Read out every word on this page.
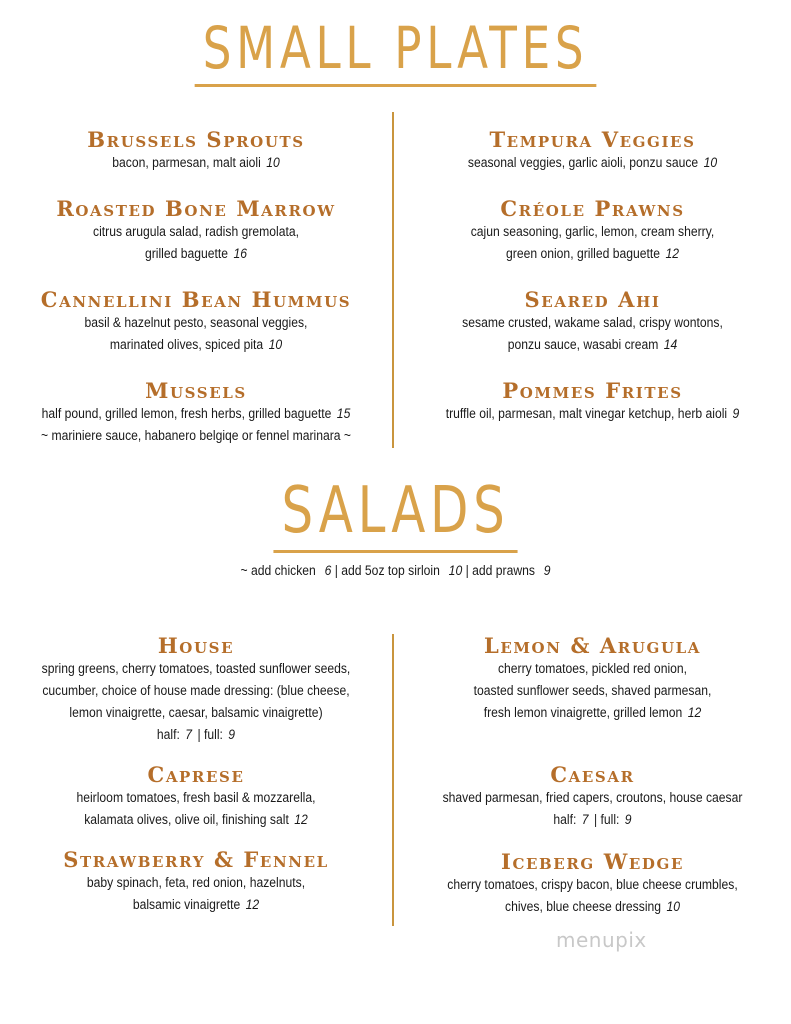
SMALL PLATES
Brussels Sprouts
bacon, parmesan, malt aioli 10
Roasted Bone Marrow
citrus arugula salad, radish gremolata,
grilled baguette 16
Cannellini Bean Hummus
basil & hazelnut pesto, seasonal veggies,
marinated olives, spiced pita 10
Mussels
half pound, grilled lemon, fresh herbs, grilled baguette 15
~ mariniere sauce, habanero belgiqe or fennel marinara ~
Tempura Veggies
seasonal veggies, garlic aioli, ponzu sauce 10
Créole Prawns
cajun seasoning, garlic, lemon, cream sherry,
green onion, grilled baguette 12
Seared Ahi
sesame crusted, wakame salad, crispy wontons,
ponzu sauce, wasabi cream 14
Pommes Frites
truffle oil, parmesan, malt vinegar ketchup, herb aioli 9
SALADS
~ add chicken 6 | add 5oz top sirloin 10 | add prawns 9
House
spring greens, cherry tomatoes, toasted sunflower seeds,
cucumber, choice of house made dressing: (blue cheese,
lemon vinaigrette, caesar, balsamic vinaigrette)
half: 7 | full: 9
Caprese
heirloom tomatoes, fresh basil & mozzarella,
kalamata olives, olive oil, finishing salt 12
Strawberry & Fennel
baby spinach, feta, red onion, hazelnuts,
balsamic vinaigrette 12
Lemon & Arugula
cherry tomatoes, pickled red onion,
toasted sunflower seeds, shaved parmesan,
fresh lemon vinaigrette, grilled lemon 12
Caesar
shaved parmesan, fried capers, croutons, house caesar
half: 7 | full: 9
Iceberg Wedge
cherry tomatoes, crispy bacon, blue cheese crumbles,
chives, blue cheese dressing 10
menupix
